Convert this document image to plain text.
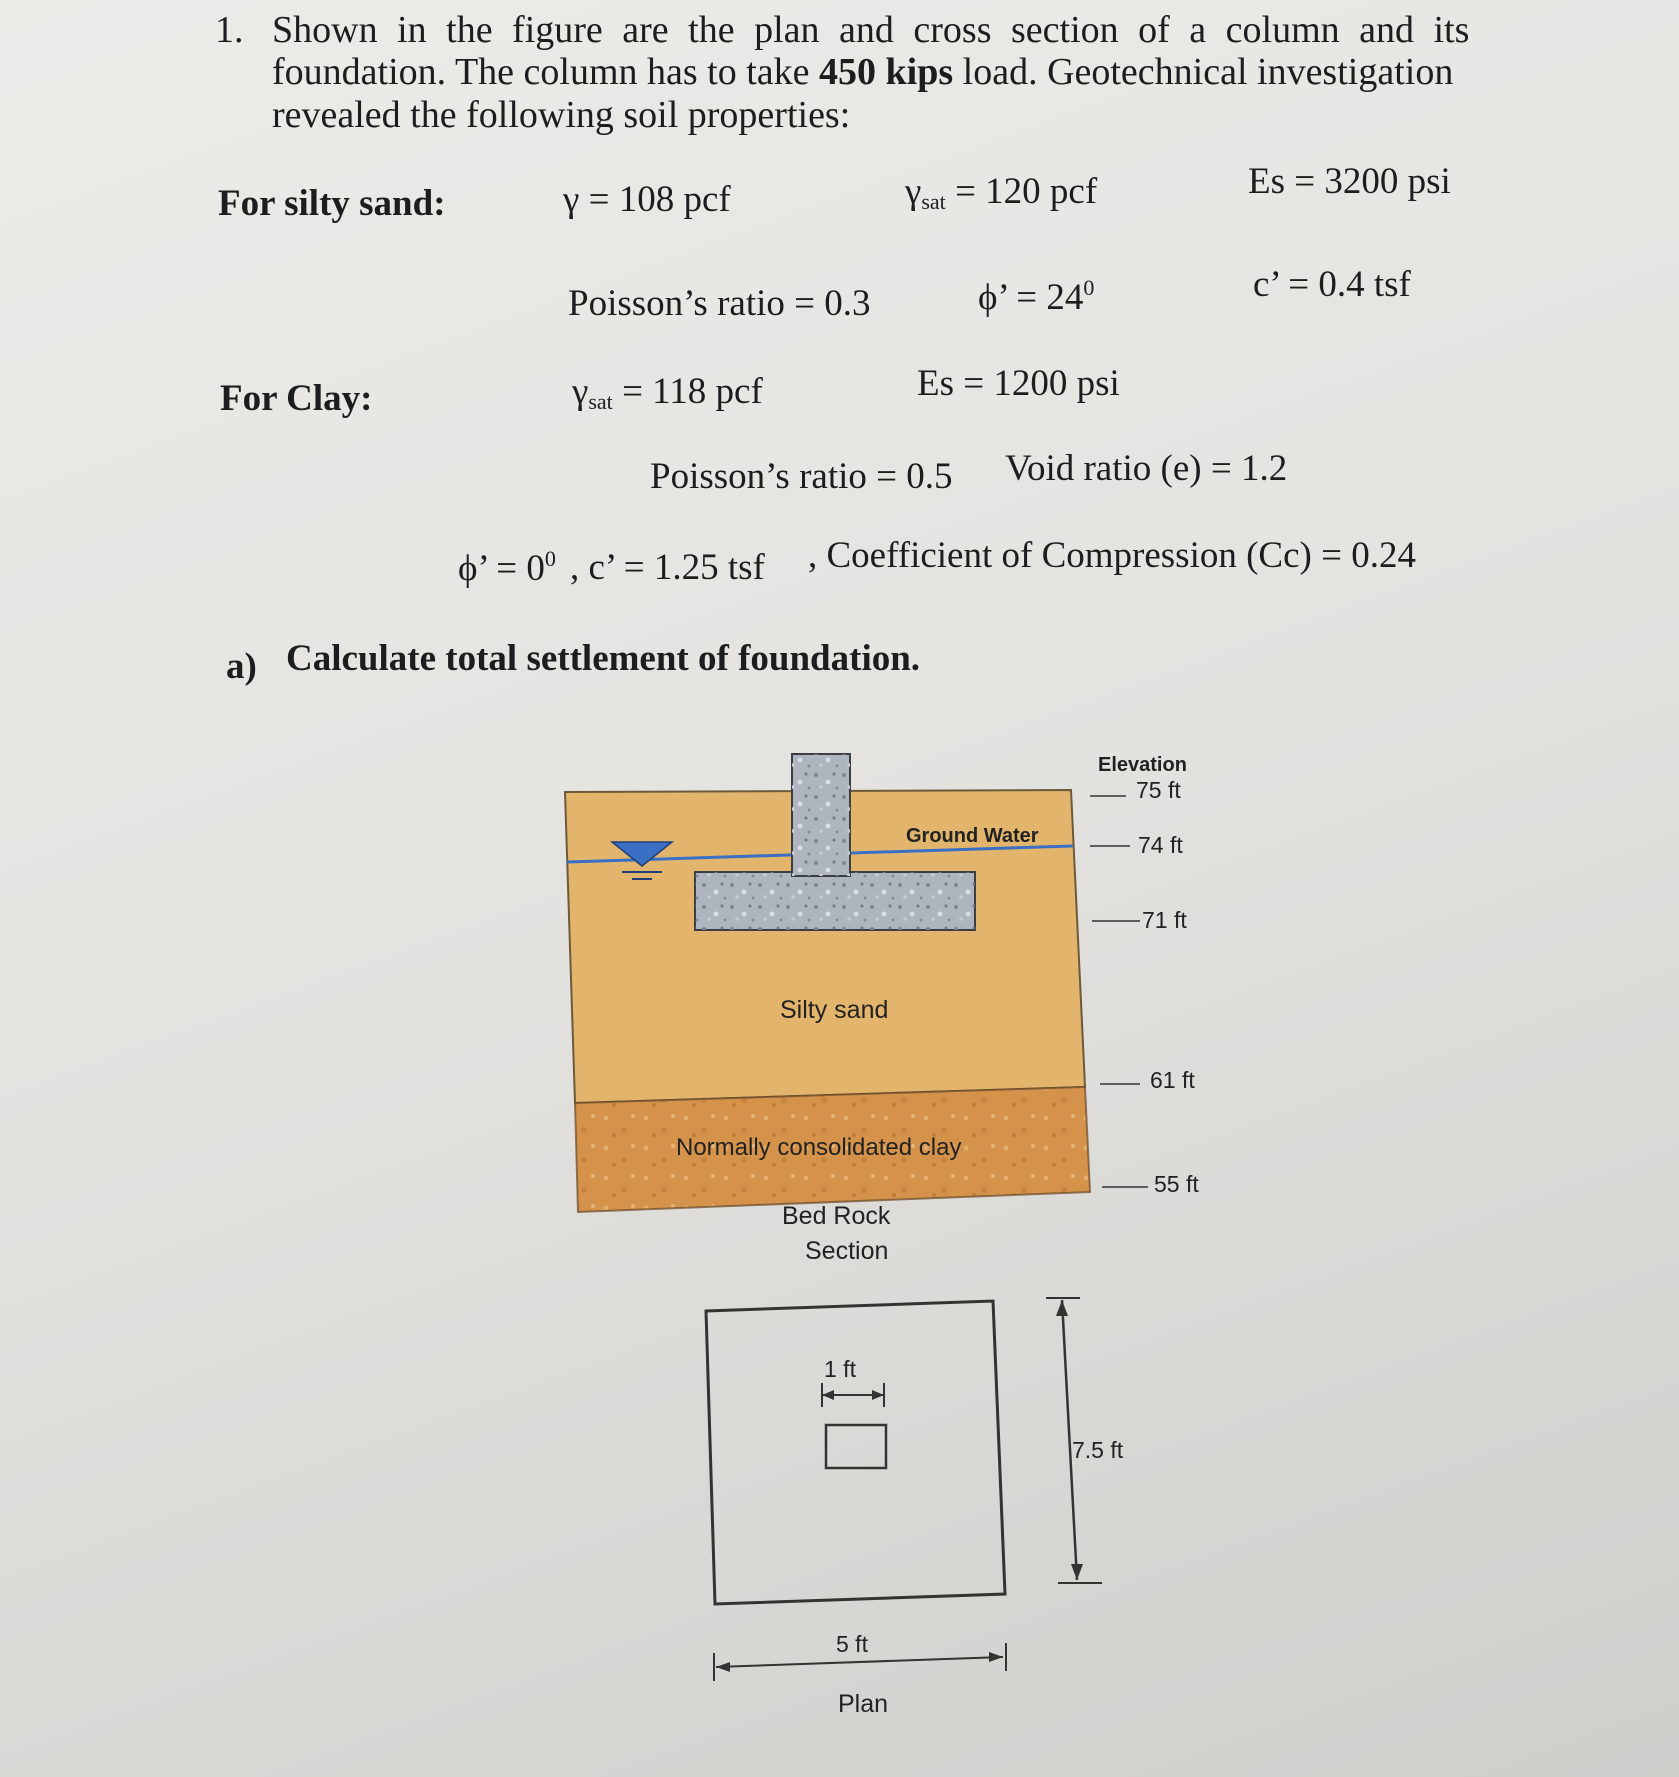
1. Shown in the figure are the plan and cross section of a column and its
foundation. The column has to take 450 kips load. Geotechnical investigation
revealed the following soil properties:
For silty sand:	γ = 108 pcf	$\gamma_{sat} = 120$ pcf	Es = 3200 psi
Poisson’s ratio = 0.3	ϕ’ = $24^0$	c’ = 0.4 tsf
For Clay:	$\gamma_{sat} = 118$ pcf	Es = 1200 psi
Poisson’s ratio = 0.5 Void ratio (e) = 1.2
ϕ’ = $0^0$ , c’ = 1.25 tsf , Coefficient of Compression (Cc) = 0.24
a) Calculate total settlement of foundation.
Ground Water
Silty sand
Normally consolidated clay
Bed Rock
Section
Elevation
75 ft
74 ft
71 ft
61 ft
55 ft
1 ft
7.5 ft
5 ft
Plan
